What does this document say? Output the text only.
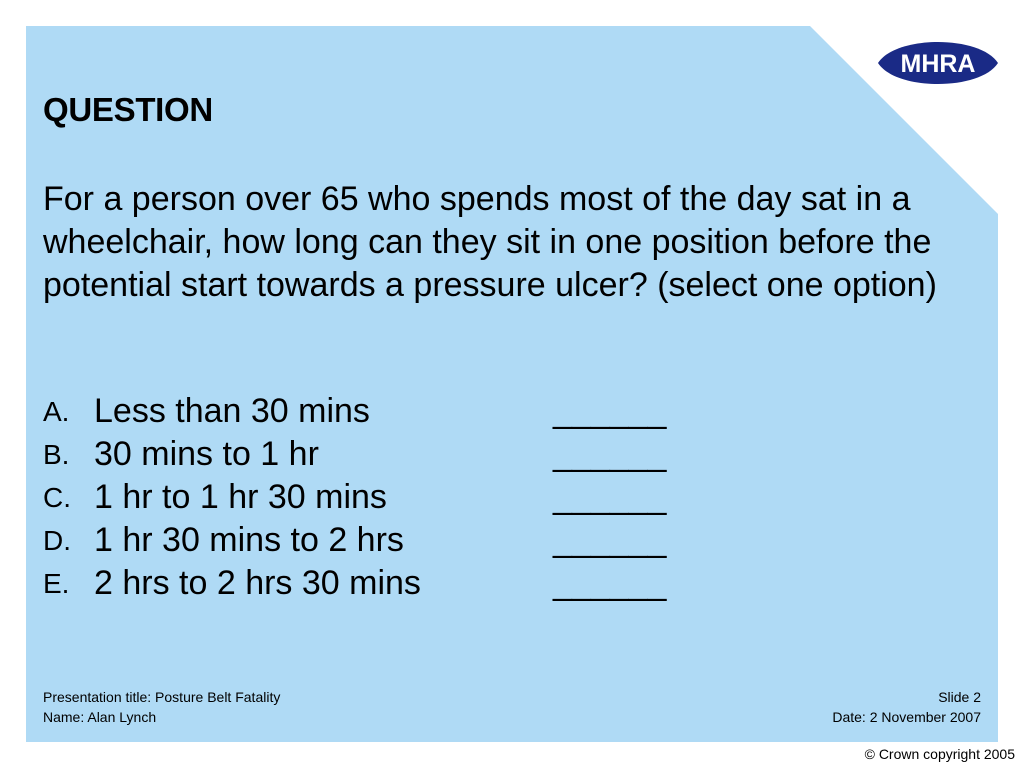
MHRA
QUESTION

For a person over 65 who spends most of the day sat in a wheelchair, how long can they sit in one position before the potential start towards a pressure ulcer? (select one option)

A. Less than 30 mins	______
B. 30 mins to 1 hr	______
C. 1 hr to 1 hr 30 mins	______
D. 1 hr 30 mins to 2 hrs	______
E. 2 hrs to 2 hrs 30 mins	______
Presentation title: Posture Belt Fatality
Name: Alan Lynch
Slide 2
Date: 2 November 2007
© Crown copyright 2005
